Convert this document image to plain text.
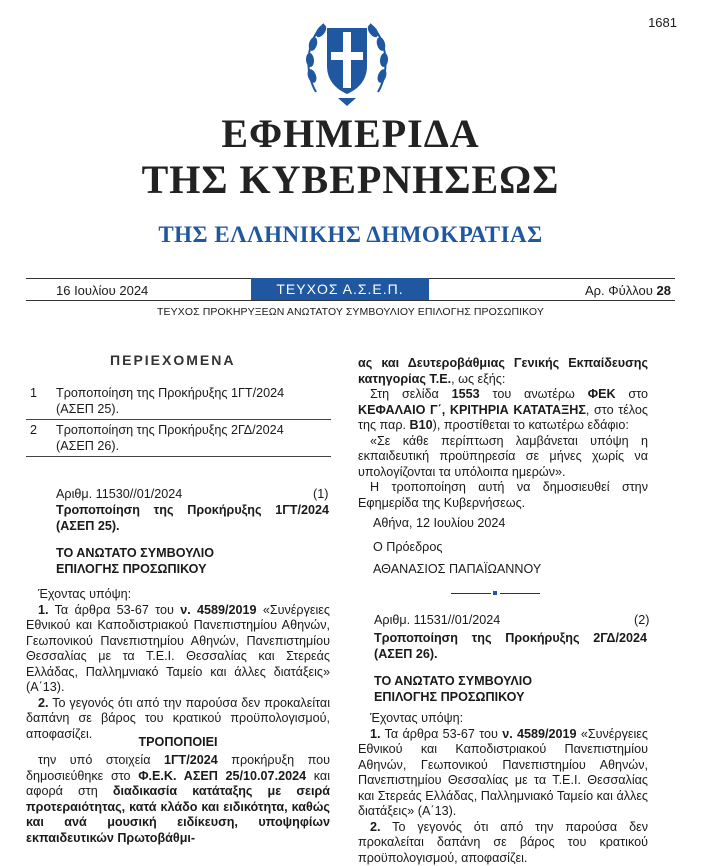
1681
ΕΦΗΜΕΡΙΔΑ
ΤΗΣ ΚΥΒΕΡΝΗΣΕΩΣ
ΤΗΣ ΕΛΛΗΝΙΚΗΣ ΔΗΜΟΚΡΑΤΙΑΣ
16 Ιουλίου 2024	ΤΕΥΧΟΣ Α.Σ.Ε.Π.	Αρ. Φύλλου 28
ΤΕΥΧΟΣ ΠΡΟΚΗΡΥΞΕΩΝ ΑΝΩΤΑΤΟΥ ΣΥΜΒΟΥΛΙΟΥ ΕΠΙΛΟΓΗΣ ΠΡΟΣΩΠΙΚΟΥ
ΠΕΡΙΕΧΟΜΕΝΑ
1 Τροποποίηση της Προκήρυξης 1ΓΤ/2024
(ΑΣΕΠ 25).
2 Τροποποίηση της Προκήρυξης 2ΓΔ/2024
(ΑΣΕΠ 26).
Αριθμ. 11530//01/2024	(1)
Τροποποίηση της Προκήρυξης 1ΓΤ/2024
(ΑΣΕΠ 25).
ΤΟ ΑΝΩΤΑΤΟ ΣΥΜΒΟΥΛΙΟ
ΕΠΙΛΟΓΗΣ ΠΡΟΣΩΠΙΚΟΥ

Έχοντας υπόψη:

1. Τα άρθρα 53-67 του ν. 4589/2019 «Συνέργειες Εθνικού και Καποδιστριακού Πανεπιστημίου Αθηνών, Γεωπονικού Πανεπιστημίου Αθηνών, Πανεπιστημίου Θεσσαλίας με τα Τ.Ε.Ι. Θεσσαλίας και Στερεάς Ελλάδας, Παλλημνιακό Ταμείο και άλλες διατάξεις» (Α΄13).

2. Το γεγονός ότι από την παρούσα δεν προκαλείται δαπάνη σε βάρος του κρατικού προϋπολογισμού, αποφασίζει.

ΤΡΟΠΟΠΟΙΕΙ

την υπό στοιχεία 1ΓΤ/2024 προκήρυξη που δημοσιεύθηκε στο Φ.Ε.Κ. ΑΣΕΠ 25/10.07.2024 και αφορά στη διαδικασία κατάταξης με σειρά προτεραιότητας, κατά κλάδο και ειδικότητα, καθώς και ανά μουσική ειδίκευση, υποψηφίων εκπαιδευτικών Πρωτοβάθμι-

ας και Δευτεροβάθμιας Γενικής Εκπαίδευσης κατηγορίας Τ.Ε., ως εξής:

Στη σελίδα 1553 του ανωτέρω ΦΕΚ στο ΚΕΦΑΛΑΙΟ Γ΄, ΚΡΙΤΗΡΙΑ ΚΑΤΑΤΑΞΗΣ, στο τέλος της παρ. Β10), προστίθεται το κατωτέρω εδάφιο:

«Σε κάθε περίπτωση λαμβάνεται υπόψη η εκπαιδευτική προϋπηρεσία σε μήνες χωρίς να υπολογίζονται τα υπόλοιπα ημερών».

Η τροποποίηση αυτή να δημοσιευθεί στην Εφημερίδα της Κυβερνήσεως.

Αθήνα, 12 Ιουλίου 2024
Ο Πρόεδρος
ΑΘΑΝΑΣΙΟΣ ΠΑΠΑΪΩΑΝΝΟΥ
Αριθμ. 11531//01/2024	(2)
Τροποποίηση της Προκήρυξης 2ΓΔ/2024
(ΑΣΕΠ 26).
ΤΟ ΑΝΩΤΑΤΟ ΣΥΜΒΟΥΛΙΟ
ΕΠΙΛΟΓΗΣ ΠΡΟΣΩΠΙΚΟΥ

Έχοντας υπόψη:

1. Τα άρθρα 53-67 του ν. 4589/2019 «Συνέργειες Εθνικού και Καποδιστριακού Πανεπιστημίου Αθηνών, Γεωπονικού Πανεπιστημίου Αθηνών, Πανεπιστημίου Θεσσαλίας με τα Τ.Ε.Ι. Θεσσαλίας και Στερεάς Ελλάδας, Παλλημνιακό Ταμείο και άλλες διατάξεις» (Α΄13).

2. Το γεγονός ότι από την παρούσα δεν προκαλείται δαπάνη σε βάρος του κρατικού προϋπολογισμού, αποφασίζει.
